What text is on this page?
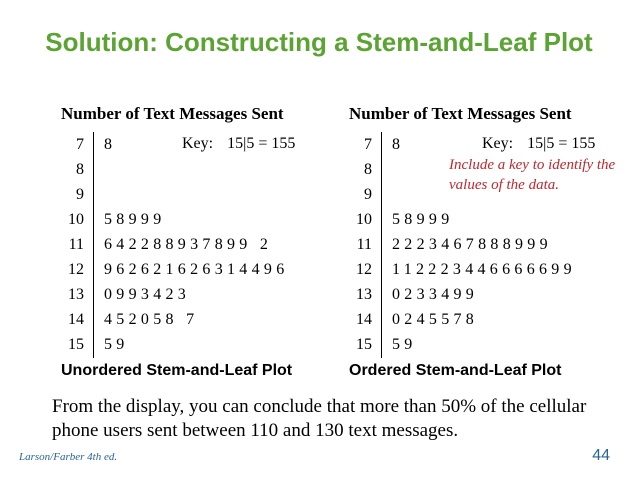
Solution: Constructing a Stem-and-Leaf Plot
Number of Text Messages Sent
Key: 15|5 = 155
7 8
8
9
10 58999
11 642288937899 2
12 962621626314496
13 0993423
14 452058 7
15 59
Unordered Stem-and-Leaf Plot
Number of Text Messages Sent
Key: 15|5 = 155
7 8
8
9
10 58999
11 2223467888999
12 112223446666699
13 0233499
14 0245578
15 59
Ordered Stem-and-Leaf Plot
Include a key to identify the values of the data.
From the display, you can conclude that more than 50% of the cellular phone users sent between 110 and 130 text messages.
Larson/Farber 4th ed.	44
